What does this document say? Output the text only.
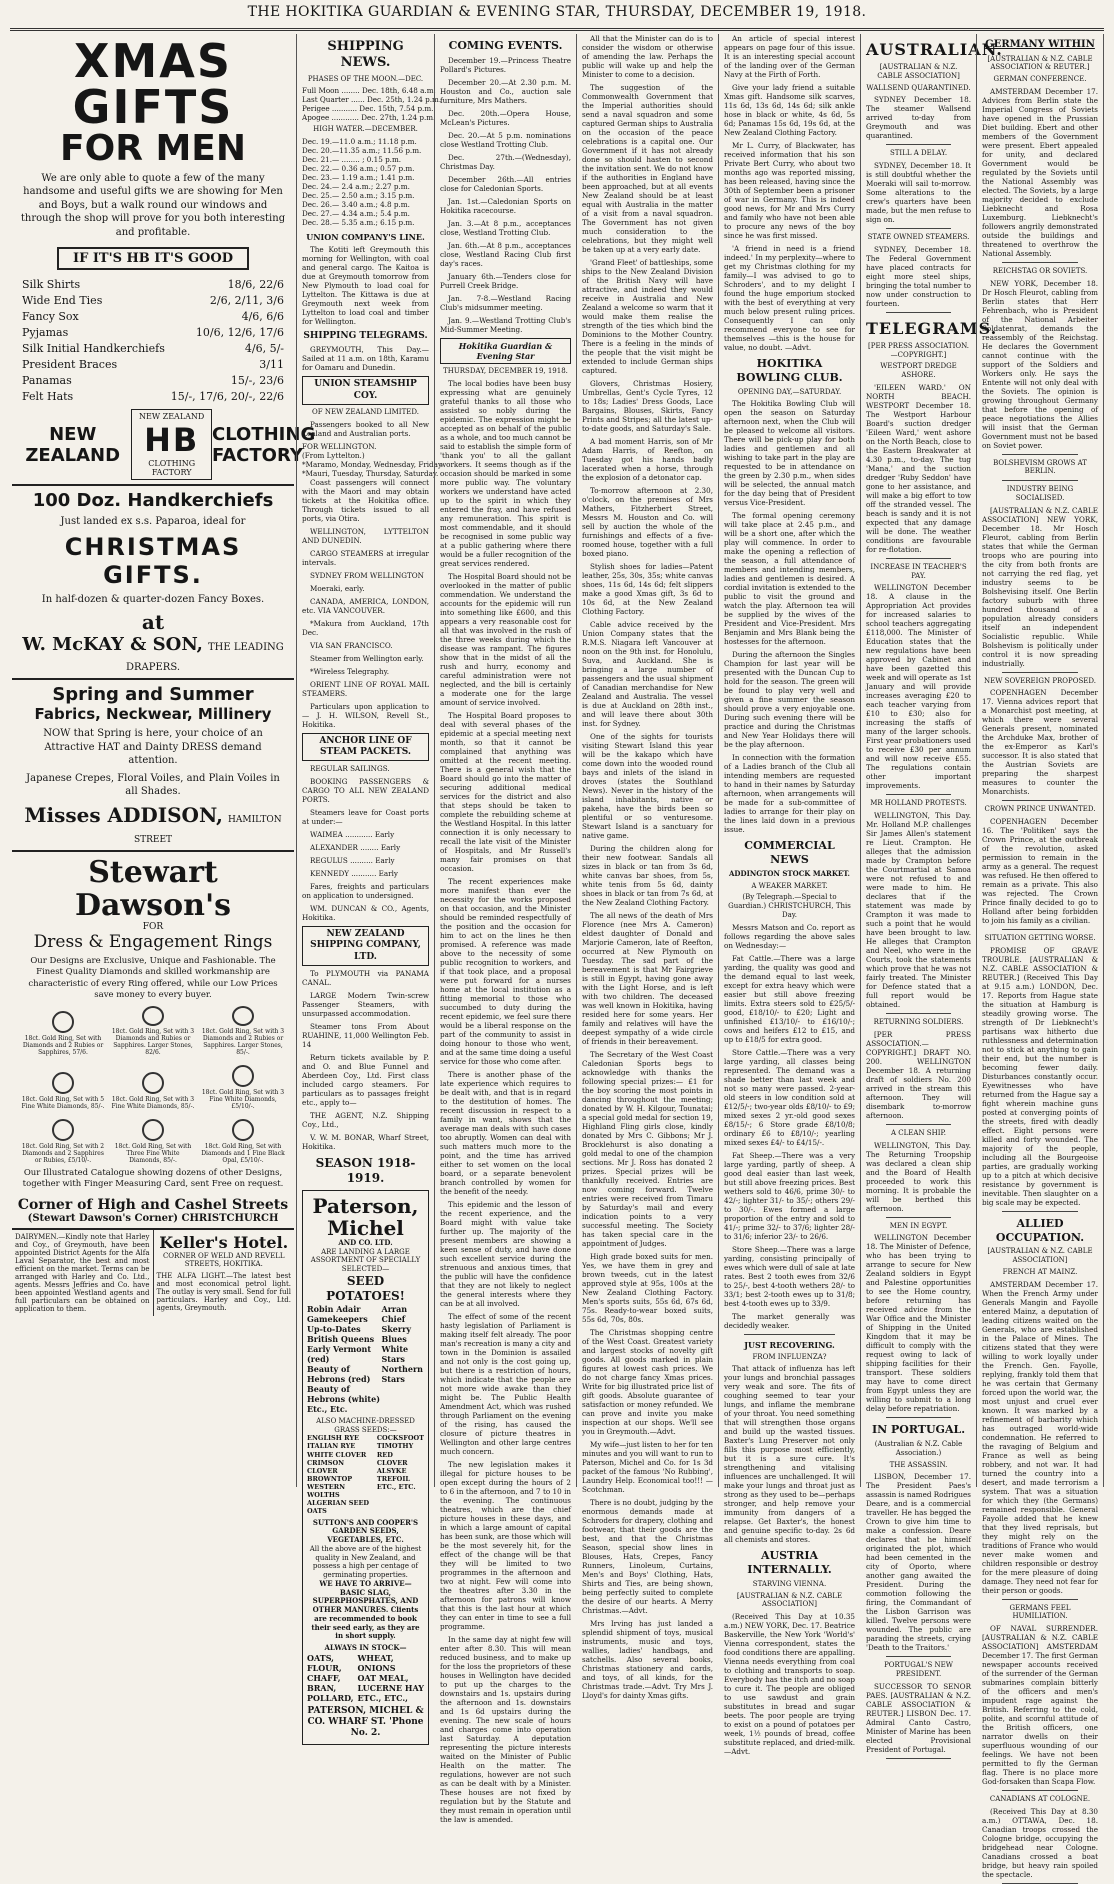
THE HOKITIKA GUARDIAN & EVENING STAR, THURSDAY, DECEMBER 19, 1918.
XMAS GIFTS
FOR MEN
We are only able to quote a few of the many handsome and useful gifts we are showing for Men and Boys, but a walk round our windows and through the shop will prove for you both interesting and profitable.
IF IT'S HB IT'S GOOD
Silk Shirts	18/6, 22/6
Wide End Ties	2/6, 2/11, 3/6
Fancy Sox	4/6, 6/6
Pyjamas	10/6, 12/6, 17/6
Silk Initial Handkerchiefs	4/6, 5/-
President Braces	3/11
Panamas	15/-, 23/6
Felt Hats	15/-, 17/6, 20/-, 22/6
NEW ZEALAND
NEW ZEALAND
HB
CLOTHING FACTORY
CLOTHING FACTORY
100 Doz. Handkerchiefs
Just landed ex s.s. Paparoa, ideal for
CHRISTMAS GIFTS.
In half-dozen & quarter-dozen Fancy Boxes.
at
W. McKAY & SON, THE LEADING DRAPERS.
Spring and Summer
Fabrics, Neckwear, Millinery
NOW that Spring is here, your choice of an Attractive HAT and Dainty DRESS demand attention.
Japanese Crepes, Floral Voiles, and Plain Voiles in all Shades.
Misses ADDISON, HAMILTON STREET
Stewart Dawson's
FOR
Dress & Engagement Rings
Our Designs are Exclusive, Unique and Fashionable. The Finest Quality Diamonds and skilled workmanship are characteristic of every Ring offered, while our Low Prices save money to every buyer.
18ct. Gold Ring, Set with Diamonds and 2 Rubies or Sapphires, 57/6.
18ct. Gold Ring, Set with 3 Diamonds and Rubies or Sapphires. Larger Stones, 82/6.
18ct. Gold Ring, Set with 3 Diamonds and 2 Rubies or Sapphires. Larger Stones, 85/-.
18ct. Gold Ring, Set with 5 Fine White Diamonds, 85/-.
18ct. Gold Ring, Set with 3 Fine White Diamonds, 85/-.
18ct. Gold Ring, Set with 3 Fine White Diamonds, £5/10/-.
18ct. Gold Ring, Set with 2 Diamonds and 2 Sapphires or Rubies, £5/10/-.
18ct. Gold Ring, Set with Three Fine White Diamonds, 85/-.
18ct. Gold Ring, Set with Diamonds and 1 Fine Black Opal, £5/10/-.
Our Illustrated Catalogue showing dozens of other Designs, together with Finger Measuring Card, sent Free on request.
Corner of High and Cashel Streets
(Stewart Dawson's Corner) CHRISTCHURCH
DAIRYMEN.—Kindly note that Harley and Coy., of Greymouth, have been appointed District Agents for the Alfa Laval Separator, the best and most efficient on the market. Terms can be arranged with Harley and Co. Ltd., agents. Messrs Jeffries and Co. have been appointed Westland agents and full particulars can be obtained on application to them.
Keller's Hotel.
CORNER OF WELD AND REVELL STREETS, HOKITIKA.
THE ALFA LIGHT.—The latest best and most economical petrol light. The outlay is very small. Send for full particulars. Harley and Coy., Ltd. agents, Greymouth.
SHIPPING NEWS.
PHASES OF THE MOON.—DEC.
Full Moon ........ Dec. 18th, 6.48 a.m.
Last Quarter ...... Dec. 25th, 1.24 p.m.
Perigee ........... Dec. 15th, 7.54 p.m.
Apogee ............ Dec. 27th, 1.24 p.m.
HIGH WATER.—DECEMBER.
Dec. 19.—11.0 a.m.; 11.18 p.m.
Dec. 20.—11.35 a.m.; 11.56 p.m.
Dec. 21.— ........ ; 0.15 p.m.
Dec. 22.— 0.36 a.m.; 0.57 p.m.
Dec. 23.— 1.19 a.m.; 1.41 p.m.
Dec. 24.— 2.4 a.m.; 2.27 p.m.
Dec. 25.— 2.50 a.m.; 3.15 p.m.
Dec. 26.— 3.40 a.m.; 4.8 p.m.
Dec. 27.— 4.34 a.m.; 5.4 p.m.
Dec. 28.— 5.35 a.m.; 6.15 p.m.
UNION COMPANY'S LINE.

The Kotiti left Greymouth this morning for Wellington, with coal and general cargo. The Kaitoa is due at Greymouth tomorrow from New Plymouth to load coal for Lyttelton. The Kittawa is due at Greymouth next week from Lyttelton to load coal and timber for Wellington.

SHIPPING TELEGRAMS.

GREYMOUTH, This Day.—Sailed at 11 a.m. on 18th, Karamu for Oamaru and Dunedin.

UNION STEAMSHIP COY.
OF NEW ZEALAND LIMITED.

Passengers booked to all New Zealand and Australian ports.

FOR WELLINGTON.
(From Lyttelton.)
*Maramo, Monday, Wednesday, Friday
*Mauri, Tuesday, Thursday, Saturday.

Coast passengers will connect with the Maori and may obtain tickets at the Hokitika office. Through tickets issued to all ports, via Otira.

WELLINGTON, LYTTELTON AND DUNEDIN.

CARGO STEAMERS at irregular intervals.

SYDNEY FROM WELLINGTON

Moeraki, early.

CANADA, AMERICA, LONDON, etc. VIA VANCOUVER.

*Makura from Auckland, 17th Dec.

VIA SAN FRANCISCO.

Steamer from Wellington early.

*Wireless Telegraphy.

ORIENT LINE OF ROYAL MAIL STEAMERS.

Particulars upon application to— J. H. WILSON, Revell St., Hokitika.

ANCHOR LINE OF STEAM PACKETS.

REGULAR SAILINGS.

BOOKING PASSENGERS & CARGO TO ALL NEW ZEALAND PORTS.

Steamers leave for Coast ports at under:—

WAIMEA ............ Early

ALEXANDER ........ Early

REGULUS .......... Early

KENNEDY ........... Early

Fares, freights and particulars on application to undersigned.

WM. DUNCAN & CO., Agents, Hokitika.

NEW ZEALAND SHIPPING COMPANY, LTD.

To PLYMOUTH via PANAMA CANAL.

LARGE Modern Twin-screw Passenger Steamers, with unsurpassed accommodation.

Steamer tons From About RUAHINE, 11,000 Wellington Feb. 14

Return tickets available by P. and O. and Blue Funnel and Aberdeen Coy., Ltd. First class included cargo steamers. For particulars as to passages freight etc., apply to—

THE AGENT, N.Z. Shipping Coy., Ltd.,

V. W. M. BONAR, Wharf Street, Hokitika.

SEASON 1918-1919.
Paterson, Michel
AND CO. LTD.
ARE LANDING A LARGE ASSORTMENT OF SPECIALLY SELECTED—
SEED POTATOES!
Robin Adair
Gamekeepers
Up-to-Dates
British Queens
Early Vermont (red)
Beauty of Hebrons (red)
Beauty of Hebrons (white)
Etc., Etc.
Arran Chief
Skerry Blues
White Stars
Northern Stars
ALSO MACHINE-DRESSED GRASS SEEDS:—
ENGLISH RYE
ITALIAN RYE
WHITE CLOVER
CRIMSON CLOVER
BROWNTOP
WESTERN WOLTHS
ALGERIAN SEED OATS
COCKSFOOT
TIMOTHY
RED CLOVER
ALSYKE
TREFOIL
ETC., ETC.
SUTTON'S AND COOPER'S GARDEN SEEDS, VEGETABLES, ETC.
All the above are of the highest quality in New Zealand, and possess a high per centage of germinating properties.
WE HAVE TO ARRIVE— BASIC SLAG, SUPERPHOSPHATES, AND OTHER MANURES. Clients are recommended to book their seed early, as they are in short supply.
ALWAYS IN STOCK—
OATS,
FLOUR,
CHAFF,
BRAN,
POLLARD,
WHEAT,
ONIONS
OAT MEAL,
LUCERNE HAY
ETC., ETC.,
PATERSON, MICHEL & CO. WHARF ST. 'Phone No. 2.
COMING EVENTS.

December 19.—Princess Theatre Pollard's Pictures.

December 20.—At 2.30 p.m. M. Houston and Co., auction sale furniture, Mrs Mathers.

Dec. 20th.—Opera House, McLean's Pictures.

Dec. 20.—At 5 p.m. nominations close Westland Trotting Club.

Dec. 27th.—(Wednesday), Christmas Day.

December 26th.—All entries close for Caledonian Sports.

Jan. 1st.—Caledonian Sports on Hokitika racecourse.

Jan. 3.—At 8 p.m., acceptances close, Westland Trotting Club.

Jan. 6th.—At 8 p.m., acceptances close, Westland Racing Club first day's races.

January 6th.—Tenders close for Purrell Creek Bridge.

Jan. 7-8.—Westland Racing Club's midsummer meeting.

Jan. 9.—Westland Trotting Club's Mid-Summer Meeting.

Hokitika Guardian & Evening Star
THURSDAY, DECEMBER 19, 1918.

The local bodies have been busy expressing what are genuinely grateful thanks to all those who assisted so nobly during the epidemic. The expression might be accepted as on behalf of the public as a whole, and too much cannot be said to establish the simple form of 'thank you' to all the gallant workers. It seems though as if the occasion should be marked in some more public way. The voluntary workers we understand have acted up to the spirit in which they entered the fray, and have refused any remuneration. This spirit is most commendable, and it should be recognised in some public way at a public gathering where there would be a fuller recognition of the great services rendered.

The Hospital Board should not be overlooked in the matter of public commendation. We understand the accounts for the epidemic will run into something like £600, and this appears a very reasonable cost for all that was involved in the rush of the three weeks during which the disease was rampant. The figures show that in the midst of all the rush and hurry, economy and careful administration were not neglected, and the bill is certainly a moderate one for the large amount of service involved.

The Hospital Board proposes to deal with several phases of the epidemic at a special meeting next month, so that it cannot be complained that anything was omitted at the recent meeting. There is a general wish that the Board should go into the matter of securing additional medical services for the district and also that steps should be taken to complete the rebuilding scheme at the Westland Hospital. In this latter connection it is only necessary to recall the late visit of the Minister of Hospitals, and Mr Russell's many fair promises on that occasion.

The recent experiences make more manifest than ever the necessity for the works proposed on that occasion, and the Minister should be reminded respectfully of the position and the occasion for him to act on the lines he then promised. A reference was made above to the necessity of some public recognition to workers, and if that took place, and a proposal were put forward for a nurses home at the local institution as a fitting memorial to those who succumbed to duty during the recent epidemic, we feel sure there would be a liberal response on the part of the community to assist in doing honour to those who went, and at the same time doing a useful service for those who come after.

There is another phase of the late experience which requires to be dealt with, and that is in regard to the destitution of homes. The recent discussion in respect to a family in want, shows that the average man deals with such cases too abruptly. Women can deal with such matters much more to the point, and the time has arrived either to set women on the local board, or a separate benevolent branch controlled by women for the benefit of the needy.

This epidemic and the lesson of the recent experience, and the Board might with value take further up. The majority of the present members are showing a keen sense of duty, and have done such excellent service during the strenuous and anxious times, that the public will have the confidence that they are not likely to neglect the general interests where they can be at all involved.

The effect of some of the recent hasty legislation of Parliament is making itself felt already. The poor man's recreation is many a city and town in the Dominion is assailed and not only is the cost going up, but there is a restriction of hours, which indicate that the people are not more wide awake than they might be. The Public Health Amendment Act, which was rushed through Parliament on the evening of the rising, has caused the closure of picture theatres in Wellington and other large centres much concern.

The new legislation makes it illegal for picture houses to be open except during the hours of 2 to 6 in the afternoon, and 7 to 10 in the evening. The continuous theatres, which are the chief picture houses in these days, and in which a large amount of capital has been sunk, are those which will be the most severely hit, for the effect of the change will be that they will be limited to two programmes in the afternoon and two at night. Few will come into the theatres after 3.30 in the afternoon for patrons will know that this is the last hour at which they can enter in time to see a full programme.

In the same day at night few will enter after 8.30. This will mean reduced business, and to make up for the loss the proprietors of these houses in Wellington have decided to put up the charges to the downstairs and 1s. upstairs during the afternoon and 1s. downstairs and 1s 6d upstairs during the evening. The new scale of hours and charges come into operation last Saturday. A deputation representing the picture interests waited on the Minister of Public Health on the matter. The regulations, however are not such as can be dealt with by a Minister. These houses are not fixed by regulation but by the Statute and they must remain in operation until the law is amended.

All that the Minister can do is to consider the wisdom or otherwise of amending the law. Perhaps the public will wake up and help the Minister to come to a decision.

The suggestion of the Commonwealth Government that the Imperial authorities should send a naval squadron and some captured German ships to Australia on the occasion of the peace celebrations is a capital one. Our Government if it has not already done so should hasten to second the invitation sent. We do not know if the authorities in England have been approached, but at all events New Zealand should be at least equal with Australia in the matter of a visit from a naval squadron. The Government has not given much consideration to the celebrations, but they might well be taken up at a very early date.

'Grand Fleet' of battleships, some ships to the New Zealand Division of the British Navy will have attractive, and indeed they would receive in Australia and New Zealand a welcome so warm that it would make them realise the strength of the ties which bind the Dominions to the Mother Country. There is a feeling in the minds of the people that the visit might be extended to include German ships captured.

Glovers, Christmas Hosiery, Umbrellas, Gent's Cycle Tyres, 12 to 18s; Ladies' Dress Goods, Lace Bargains, Blouses, Skirts, Fancy Prints and Stripes; all the latest up-to-date goods, and Saturday's Sale.

A bad moment Harris, son of Mr Adam Harris, of Reefton, on Tuesday got his hands badly lacerated when a horse, through the explosion of a detonator cap.

To-morrow afternoon at 2.30, o'clock, on the premises of Mrs Mathers, Fitzherbert Street, Messrs M. Houston and Co. will sell by auction the whole of the furnishings and effects of a five-roomed house, together with a full boxed piano.

Stylish shoes for ladies—Patent leather, 25s, 30s, 35s; white canvas shoes, 11s 6d, 14s 6d; felt slippers make a good Xmas gift, 3s 6d to 10s 6d, at the New Zealand Clothing Factory.

Cable advice received by the Union Company states that the R.M.S. Niagara left Vancouver at noon on the 9th inst. for Honolulu, Suva, and Auckland. She is bringing a large number of passengers and the usual shipment of Canadian merchandise for New Zealand and Australia. The vessel is due at Auckland on 28th inst., and will leave there about 30th inst. for Sydney.

One of the sights for tourists visiting Stewart Island this year will be the kakapo which have come down into the wooded round bays and inlets of the island in droves (states the Southland News). Never in the history of the island inhabitants, native or pakeha, have the birds been so plentiful or so venturesome. Stewart Island is a sanctuary for native game.

During the children along for their new footwear. Sandals all sizes in black or tan from 3s 6d, white canvas bar shoes, from 5s, white tenis from 5s 6d, dainty shoes in black or tan from 7s 6d, at the New Zealand Clothing Factory.

The all news of the death of Mrs Florence (nee Mrs A. Cameron) eldest daughter of Donald and Marjorie Cameron, late of Reefton, occurred at New Plymouth on Tuesday. The sad part of the bereavement is that Mr Fairgrieve is still in Egypt, having gone away with the Light Horse, and is left with two children. The deceased was well known in Hokitika, having resided here for some years. Her family and relatives will have the deepest sympathy of a wide circle of friends in their bereavement.

The Secretary of the West Coast Caledonian Sports begs to acknowledge with thanks the following special prizes:— £1 for the boy scoring the most points in dancing throughout the meeting; donated by W. H. Kilgour, Tounatai; a special gold medal for section 19, Highland Fling girls close, kindly donated by Mrs C. Gibbons; Mr J. Brocklehurst is also donating a gold medal to one of the champion sections. Mr J. Ross has donated 2 prizes. Special prizes will be thankfully received. Entries are now coming forward. Twelve entries were received from Timaru by Saturday's mail and every indication points to a very successful meeting. The Society has taken special care in the appointment of Judges.

High grade boxed suits for men. Yes, we have them in grey and brown tweeds, cut in the latest approved style at 95s, 100s at the New Zealand Clothing Factory. Men's sports suits, 55s 6d, 67s 6d, 75s. Ready-to-wear boxed suits, 55s 6d, 70s, 80s.

The Christmas shopping centre of the West Coast. Greatest variety and largest stocks of novelty gift goods. All goods marked in plain figures at lowest cash prices. We do not charge fancy Xmas prices. Write for big illustrated price list of gift goods. Absolute guarantee of satisfaction or money refunded. We can prove and invite you make inspection at our shops. We'll see you in Greymouth.—Advt.

My wife—just listen to her for ten minutes and you will want to run to Paterson, Michel and Co. for 1s 3d packet of the famous 'No Rubbing', Laundry Help. Economical too!!! —Scotchman.

There is no doubt, judging by the enormous demands made at Schroders for drapery, clothing and footwear, that their goods are the best, and that the Christmas Season, special show lines in Blouses, Hats, Crepes, Fancy Runners, Linoleum, Curtains, Men's and Boys' Clothing, Hats, Shirts and Ties, are being shown, being perfectly suited to complete the desire of our hearts. A Merry Christmas.—Advt.

Mrs Irving has just landed a splendid shipment of toys, musical instruments, music and toys, wallies, ladies' handbags, and satchells. Also several books, Christmas stationery and cards, and toys, of all kinds, for the Christmas trade.—Advt. Try Mrs J. Lloyd's for dainty Xmas gifts.

An article of special interest appears on page four of this issue. It is an interesting special account of the landing over of the German Navy at the Firth of Forth.

Give your lady friend a suitable Xmas gift. Handsome silk scarves, 11s 6d, 13s 6d, 14s 6d; silk ankle hose in black or white, 4s 6d, 5s 6d; Panamas 15s 6d, 19s 6d, at the New Zealand Clothing Factory.

Mr L. Curry, of Blackwater, has received information that his son Private Bert Curry, who about two months ago was reported missing, has been released, having since the 30th of September been a prisoner of war in Germany. This is indeed good news, for Mr and Mrs Curry and family who have not been able to procure any news of the boy since he was first missed.

'A friend in need is a friend indeed.' In my perplexity—where to get my Christmas clothing for my family—I was advised to go to Schroders', and to my delight I found the huge emporium stocked with the best of everything at very much below present ruling prices. Consequently I can only recommend everyone to see for themselves —this is the house for value, no doubt. —Advt.

HOKITIKA BOWLING CLUB.
OPENING DAY,—SATURDAY.

The Hokitika Bowling Club will open the season on Saturday afternoon next, when the Club will be pleased to welcome all visitors. There will be pick-up play for both ladies and gentlemen and all wishing to take part in the play are requested to be in attendance on the green by 2.30 p.m., when sides will be selected, the annual match for the day being that of President versus Vice-President.

The formal opening ceremony will take place at 2.45 p.m., and will be a short one, after which the play will commence. In order to make the opening a reflection of the season, a full attendance of members and intending members, ladies and gentlemen is desired. A cordial invitation is extended to the public to visit the ground and watch the play. Afternoon tea will be supplied by the wives of the President and Vice-President. Mrs Benjamin and Mrs Blank being the hostesses for the afternoon.

During the afternoon the Singles Champion for last year will be presented with the Duncan Cup to hold for the season. The green will be found to play very well and given a fine summer the season should prove a very enjoyable one. During such evening there will be practice and during the Christmas and New Year Holidays there will be the play afternoon.

In connection with the formation of a Ladies branch of the Club all intending members are requested to hand in their names by Saturday afternoon, when arrangements will be made for a sub-committee of ladies to arrange for their play on the lines laid down in a previous issue.

COMMERCIAL NEWS
ADDINGTON STOCK MARKET.
A WEAKER MARKET.
(By Telegraph.—Special to Guardian.) CHRISTCHURCH, This Day.

Messrs Matson and Co. report as follows regarding the above sales on Wednesday:—

Fat Cattle.—There was a large yarding, the quality was good and the demand equal to last week, except for extra heavy which were easier but still above freezing limits. Extra steers sold to £25/5/- good, £18/10/- to £20; Light and unfinished £13/10/- to £16/10/-; cows and heifers £12 to £15, and up to £18/5 for extra good.

Store Cattle.—There was a very large yarding, all classes being represented. The demand was a shade better than last week and not so many were passed. 2-year-old steers in low condition sold at £12/5/-; two-year olds £8/10/- to £9; mixed sexes 2 yr.-old good sexes £8/15/-; 6 Store grade £8/10/8; ordinary £6 to £8/10/-; yearling mixed sexes £4/- to £4/15/-.

Fat Sheep.—There was a very large yarding, partly of sheep. A good deal easier than last week, but still above freezing prices. Best wethers sold to 46/6, prime 30/- to 42/-; lighter 31/- to 35/-; others 29/- to 30/-. Ewes formed a large proportion of the entry and sold to 41/-; prime 32/- to 37/6; lighter 28/- to 31/6; inferior 23/- to 26/6.

Store Sheep.—There was a large yarding, consisting principally of ewes which were dull of sale at late rates. Best 2 tooth ewes from 32/6 to 25/-, best 4-tooth wethers 28/- to 33/1; best 2-tooth ewes up to 31/8; best 4-tooth ewes up to 33/9.

The market generally was decidedly weaker.

JUST RECOVERING.
FROM INFLUENZA?

That attack of influenza has left your lungs and bronchial passages very weak and sore. The fits of coughing seemed to tear your lungs, and inflame the membrane of your throat. You need something that will strengthen those organs and build up the wasted tissues. Baxter's Lung Preserver not only fills this purpose most efficiently, but it is a sure cure. It's strengthening and vitalising influences are unchallenged. It will make your lungs and throat just as strong as they used to be—perhaps stronger, and help remove your immunity from dangers of a relapse. Get Baxter's, the honest and genuine specific to-day. 2s 6d all chemists and stores.

AUSTRIA INTERNALLY.
STARVING VIENNA.
[AUSTRALIAN & N.Z. CABLE ASSOCIATION]

(Received This Day at 10.35 a.m.) NEW YORK, Dec. 17. Beatrice Baskerville, the New York 'World's' Vienna correspondent, states the food conditions there are appalling. Vienna needs everything from coal to clothing and transports to soap. Everybody has the itch and no soap to cure it. The people are obliged to use sawdust and grain substitutes in bread and sugar beets. The poor people are trying to exist on a pound of potatoes per week, 1½ pounds of bread, coffee substitute replaced, and dried-milk.—Advt.

AUSTRALIAN.
[AUSTRALIAN & N.Z. CABLE ASSOCIATION]
WALLSEND QUARANTINED.

SYDNEY December 18. The steamer Wallsend arrived to-day from Greymouth and was quarantined.

STILL A DELAY.

SYDNEY, December 18. It is still doubtful whether the Moeraki will sail to-morrow. Some alterations to the crew's quarters have been made, but the men refuse to sign on.

STATE OWNED STEAMERS.

SYDNEY, December 18. The Federal Government have placed contracts for eight more steel ships, bringing the total number to now under construction to fourteen.

TELEGRAMS.
[PER PRESS ASSOCIATION.—COPYRIGHT.]
WESTPORT DREDGE ASHORE.

'EILEEN WARD.' ON NORTH BEACH. WESTPORT December 18. The Westport Harbour Board's suction dredger 'Eileen Ward,' went ashore on the North Beach, close to the Eastern Breakwater at 4.30 p.m., to-day. The tug 'Mana,' and the suction dredger 'Ruby Seddon' have gone to her assistance, and will make a big effort to tow off the stranded vessel. The beach is sandy and it is not expected that any damage will be done. The weather conditions are favourable for re-flotation.

INCREASE IN TEACHER'S PAY.

WELLINGTON December 18. A clause in the Appropriation Act provides for increased salaries to school teachers aggregating £118,000. The Minister of Education states that the new regulations have been approved by Cabinet and have been gazetted this week and will operate as 1st January and will provide increases averaging £20 to each teacher varying from £10 to £30; also for increasing the staffs of many of the larger schools. First year probationers used to receive £30 per annum and will now receive £55. The regulations contain other important improvements.

MR HOLLAND PROTESTS.

WELLINGTON, This Day. Mr. Holland M.P. challenges Sir James Allen's statement re Lieut. Crampton. He alleges that the admission made by Crampton before the Courtmartial at Samoa were not refused to and were made to him. He declares that if the statement was made by Crampton it was made to such a point that he would have been brought to law. He alleges that Crampton and Neel, who were in the Courts, took the statements which prove that he was not fairly treated. The Minister for Defence stated that a full report would be obtained.

RETURNING SOLDIERS.

[PER PRESS ASSOCIATION.—COPYRIGHT.] DRAFT NO. 200. WELLINGTON December 18. A returning draft of soldiers No. 200 arrived in the stream this afternoon. They will disembark to-morrow afternoon.

A CLEAN SHIP.

WELLINGTON, This Day. The Returning Troopship was declared a clean ship and the Board of Health proceeded to work this morning. It is probable the will be berthed this afternoon.

MEN IN EGYPT.

WELLINGTON December 18. The Minister of Defence, who has been trying to arrange to secure for New Zealand soldiers in Egypt and Palestine opportunities to see the Home country, before returning has received advice from the War Office and the Minister of Shipping in the United Kingdom that it may be difficult to comply with the request owing to lack of shipping facilities for their transport. These soldiers may have to come direct from Egypt unless they are willing to submit to a long delay before repatriation.

IN PORTUGAL.
(Australian & N.Z. Cable Association.)
THE ASSASSIN.

LISBON, December 17. The President Paes's assassin is named Rodrigues Deare, and is a commercial traveller. He has begged the Crown to give him time to make a confession. Deare declares that he himself originated the plot, which had been cemented in the city of Oporto, where another gang awaited the President. During the commotion following the firing, the Commandant of the Lisbon Garrison was killed. Twelve persons were wounded. The public are parading the streets, crying 'Death to the Traitors.'

PORTUGAL'S NEW PRESIDENT.

SUCCESSOR TO SENOR PAES. [AUSTRALIAN & N.Z. CABLE ASSOCIATION & REUTER.] LISBON Dec. 17. Admiral Canto Castro, Minister of Marine has been elected Provisional President of Portugal.

GERMANY WITHIN
[AUSTRALIAN & N.Z. CABLE ASSOCIATION & REUTER.]
GERMAN CONFERENCE.

AMSTERDAM December 17. Advices from Berlin state the Imperial Congress of Soviets have opened in the Prussian Diet building. Ebert and other members of the Government were present. Ebert appealed for unity, and declared Government would be regulated by the Soviets until the National Assembly was elected. The Soviets, by a large majority decided to exclude Liebknecht and Rosa Luxemburg. Liebknecht's followers angrily demonstrated outside the buildings and threatened to overthrow the National Assembly.

REICHSTAG OR SOVIETS.

NEW YORK, December 18. Dr Hosch Fleurot, cabling from Berlin states that Herr Fehrenbach, who is President of the National Arbeiter Soldatenrat, demands the reassembly of the Reichstag. He declares the Government cannot continue with the support of the Soldiers and Workers only. He says the Entente will not only deal with the Soviets. The opinion is growing throughout Germany that before the opening of peace negotiations the Allies will insist that the German Government must not be based on Soviet power.

BOLSHEVISM GROWS AT BERLIN.
INDUSTRY BEING SOCIALISED.

[AUSTRALIAN & N.Z. CABLE ASSOCIATION] NEW YORK, December 18. Mr Hosch Fleurot, cabling from Berlin states that while the German troops who are pouring into the city from both fronts are not carrying the red flag, yet industry seems to be Bolshevising itself. One Berlin factory suburb with three hundred thousand of a population already considers itself an independent Socialistic republic. While Bolshevism is politically under control it is now spreading industrially.

NEW SOVEREIGN PROPOSED.

COPENHAGEN December 17. Vienna advices report that a Monarchist post meeting, at which there were several Generals present, nominated the Archduke Max, brother of the ex-Emperor as Karl's successor. It is also stated that the Austrian Soviets are preparing the sharpest measures to counter the Monarchists.

CROWN PRINCE UNWANTED.

COPENHAGEN December 16. The 'Politiken' says the Crown Prince, at the outbreak of the revolution, asked permission to remain in the army as a general. The request was refused. He then offered to remain as a private. This also was rejected. The Crown Prince finally decided to go to Holland after being forbidden to join his family as a civilian.

SITUATION GETTING WORSE.

PROMISE OF GRAVE TROUBLE. [AUSTRALIAN & N.Z. CABLE ASSOCIATION & REUTER.] (Received This Day at 9.15 a.m.) LONDON, Dec. 17. Reports from Hague state the situation at Hamburg is steadily growing worse. The strength of Dr Liebknecht's partisans wax hitherto due ruthlessness and determination not to stick at anything to gain their end, but the number is becoming fewer daily. Disturbances constantly occur. Eyewitnesses who have returned from the Hague say a fight wherein machine guns posted at converging points of the streets, fired with deadly effect. Eight persons were killed and forty wounded. The majority of the people, including all the Bourgeoise parties, are gradually working up to a pitch at which decisive resistance by government is inevitable. Then slaughter on a big scale may be expected.

ALLIED OCCUPATION.
[AUSTRALIAN & N.Z. CABLE ASSOCIATION]
FRENCH AT MAINZ.

AMSTERDAM December 17. When the French Army under Generals Mangin and Fayolle entered Mainz, a deputation of leading citizens waited on the Generals, who are established in the Palace of Mines. The citizens stated that they were willing to work loyally under the French. Gen. Fayolle, replying, frankly told them that he was certain that Germany forced upon the world war, the most unjust and cruel ever known. It was marked by a refinement of barbarity which has outraged world-wide condemnation. He referred to the ravaging of Belgium and France as well as being robbery, and not war. It had turned the country into a desert, and made terrorism a system. That was a situation for which they (the Germans) remained responsible. General Fayolle added that he knew that they lived reprisals, but they might rely on the traditions of France who would never make women and children responsible or destroy for the mere pleasure of doing damage. They need not fear for their person or goods.

GERMANS FEEL HUMILIATION.

OF NAVAL SURRENDER. [AUSTRALIAN & N.Z. CABLE ASSOCIATION] AMSTERDAM December 17. The first German newspaper accounts received of the surrender of the German submarines complain bitterly of the officers and men's impudent rage against the British. Referring to the cold, polite, and scornful attitude of the British officers, one narrator dwells on their superfluous wounding of our feelings. We have not been permitted to fly the German flag. There is no place more God-forsaken than Scapa Flow.

CANADIANS AT COLOGNE.

(Received This Day at 8.30 a.m.) OTTAWA, Dec. 18. Canadian troops crossed the Cologne bridge, occupying the bridgehead near Cologne. Canadians crossed a boat bridge, but heavy rain spoiled the spectacle.
